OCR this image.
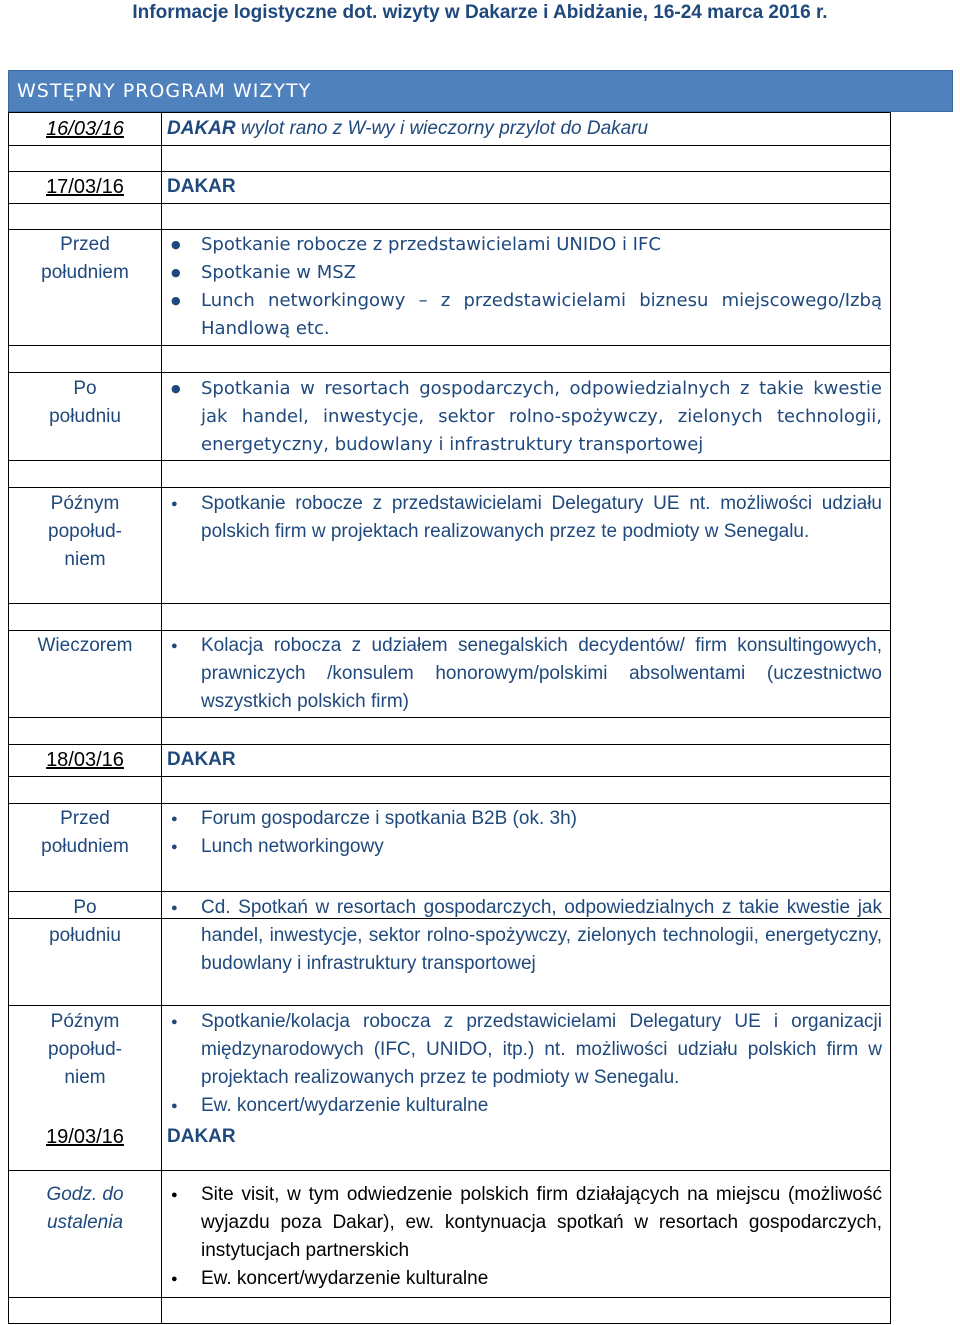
Informacje logistyczne dot. wizyty w Dakarze i Abidżanie, 16-24 marca 2016 r.
WSTĘPNY PROGRAM WIZYTY
16/03/16	DAKAR wylot rano z W-wy i wieczorny przylot do Dakaru
17/03/16	DAKAR
Przed
południem
● Spotkanie robocze z przedstawicielami UNIDO i IFC
● Spotkanie w MSZ
● Lunch networkingowy – z przedstawicielami biznesu miejscowego/Izbą Handlową etc.
Po
południu
● Spotkania w resortach gospodarczych, odpowiedzialnych z takie kwestie jak handel, inwestycje, sektor rolno-spożywczy, zielonych technologii, energetyczny, budowlany i infrastruktury transportowej
Późnym
popołud-
niem
● Spotkanie robocze z przedstawicielami Delegatury UE nt. możliwości udziału polskich firm w projektach realizowanych przez te podmioty w Senegalu.
Wieczorem
●	Kolacja robocza z udziałem senegalskich decydentów/ firm konsultingowych, prawniczych /konsulem honorowym/polskimi absolwentami (uczestnictwo wszystkich polskich firm)
18/03/16	DAKAR
Przed
południem
● Forum gospodarcze i spotkania B2B (ok. 3h)
● Lunch networkingowy
Po
południu
● Cd. Spotkań w resortach gospodarczych, odpowiedzialnych z takie kwestie jak handel, inwestycje, sektor rolno-spożywczy, zielonych technologii, energetyczny, budowlany i infrastruktury transportowej
Późnym
popołud-
niem
● Spotkanie/kolacja robocza z przedstawicielami Delegatury UE i organizacji międzynarodowych (IFC, UNIDO, itp.) nt. możliwości udziału polskich firm w projektach realizowanych przez te podmioty w Senegalu.
● Ew. koncert/wydarzenie kulturalne
19/03/16	DAKAR
Godz. do
ustalenia
● Site visit, w tym odwiedzenie polskich firm działających na miejscu (możliwość wyjazdu poza Dakar), ew. kontynuacja spotkań w resortach gospodarczych, instytucjach partnerskich
● Ew. koncert/wydarzenie kulturalne
